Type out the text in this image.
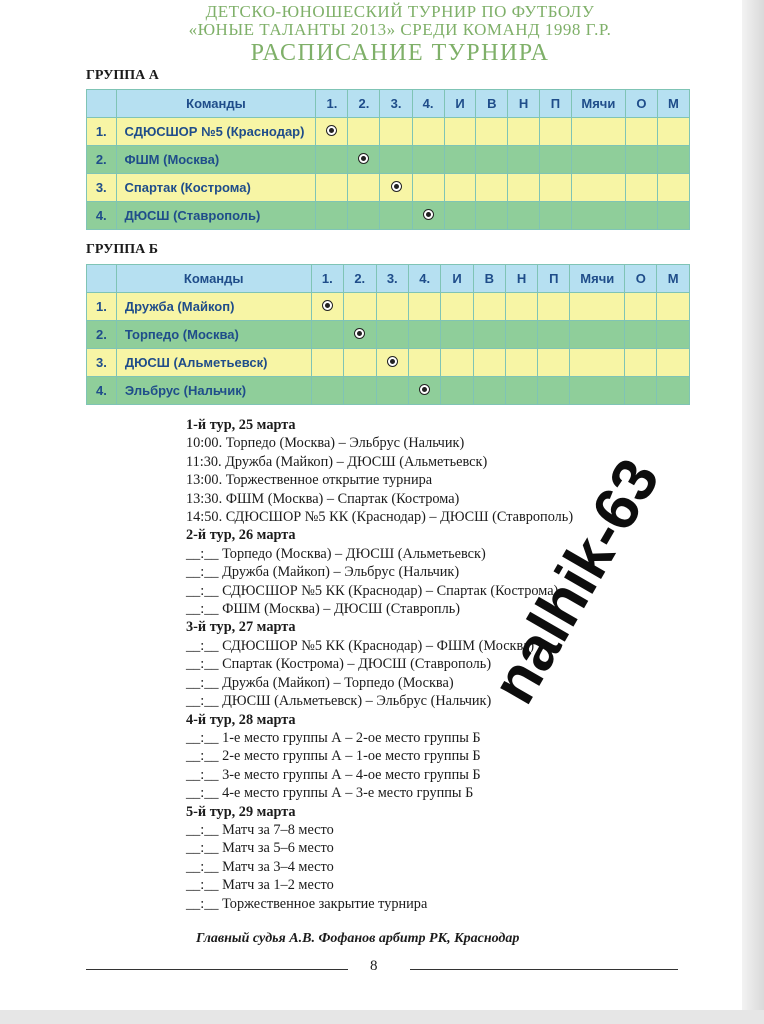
ДЕТСКО-ЮНОШЕСКИЙ ТУРНИР ПО ФУТБОЛУ
«ЮНЫЕ ТАЛАНТЫ 2013» СРЕДИ КОМАНД 1998 Г.Р.
РАСПИСАНИЕ ТУРНИРА
ГРУППА А
	Команды	1.	2.	3.	4.	И	В	Н	П	Мячи	О	М
1.	СДЮСШОР №5 (Краснодар)											
2.	ФШМ (Москва)											
3.	Спартак (Кострома)											
4.	ДЮСШ (Ставрополь)											
ГРУППА Б
	Команды	1.	2.	3.	4.	И	В	Н	П	Мячи	О	М
1.	Дружба (Майкоп)											
2.	Торпедо (Москва)											
3.	ДЮСШ (Альметьевск)											
4.	Эльбрус (Нальчик)											
1-й тур, 25 марта
10:00. Торпедо (Москва) – Эльбрус (Нальчик)
11:30. Дружба (Майкоп) – ДЮСШ (Альметьевск)
13:00. Торжественное открытие турнира
13:30. ФШМ (Москва) – Спартак (Кострома)
14:50. СДЮСШОР №5 КК (Краснодар) – ДЮСШ (Ставрополь)
2-й тур, 26 марта
__:__ Торпедо (Москва) – ДЮСШ (Альметьевск)
__:__ Дружба (Майкоп) – Эльбрус (Нальчик)
__:__ СДЮСШОР №5 КК (Краснодар) – Спартак (Кострома)
__:__ ФШМ (Москва) – ДЮСШ (Ставропль)
3-й тур, 27 марта
__:__ СДЮСШОР №5 КК (Краснодар) – ФШМ (Москва)
__:__ Спартак (Кострома) – ДЮСШ (Ставрополь)
__:__ Дружба (Майкоп) – Торпедо (Москва)
__:__ ДЮСШ (Альметьевск) – Эльбрус (Нальчик)
4-й тур, 28 марта
__:__ 1-е место группы А – 2-ое место группы Б
__:__ 2-е место группы А – 1-ое место группы Б
__:__ 3-е место группы А – 4-ое место группы Б
__:__ 4-е место группы А – 3-е место группы Б
5-й тур, 29 марта
__:__ Матч за 7–8 место
__:__ Матч за 5–6 место
__:__ Матч за 3–4 место
__:__ Матч за 1–2 место
__:__ Торжественное закрытие турнира
Главный судья А.В. Фофанов арбитр РК, Краснодар
8
nalhik-63
